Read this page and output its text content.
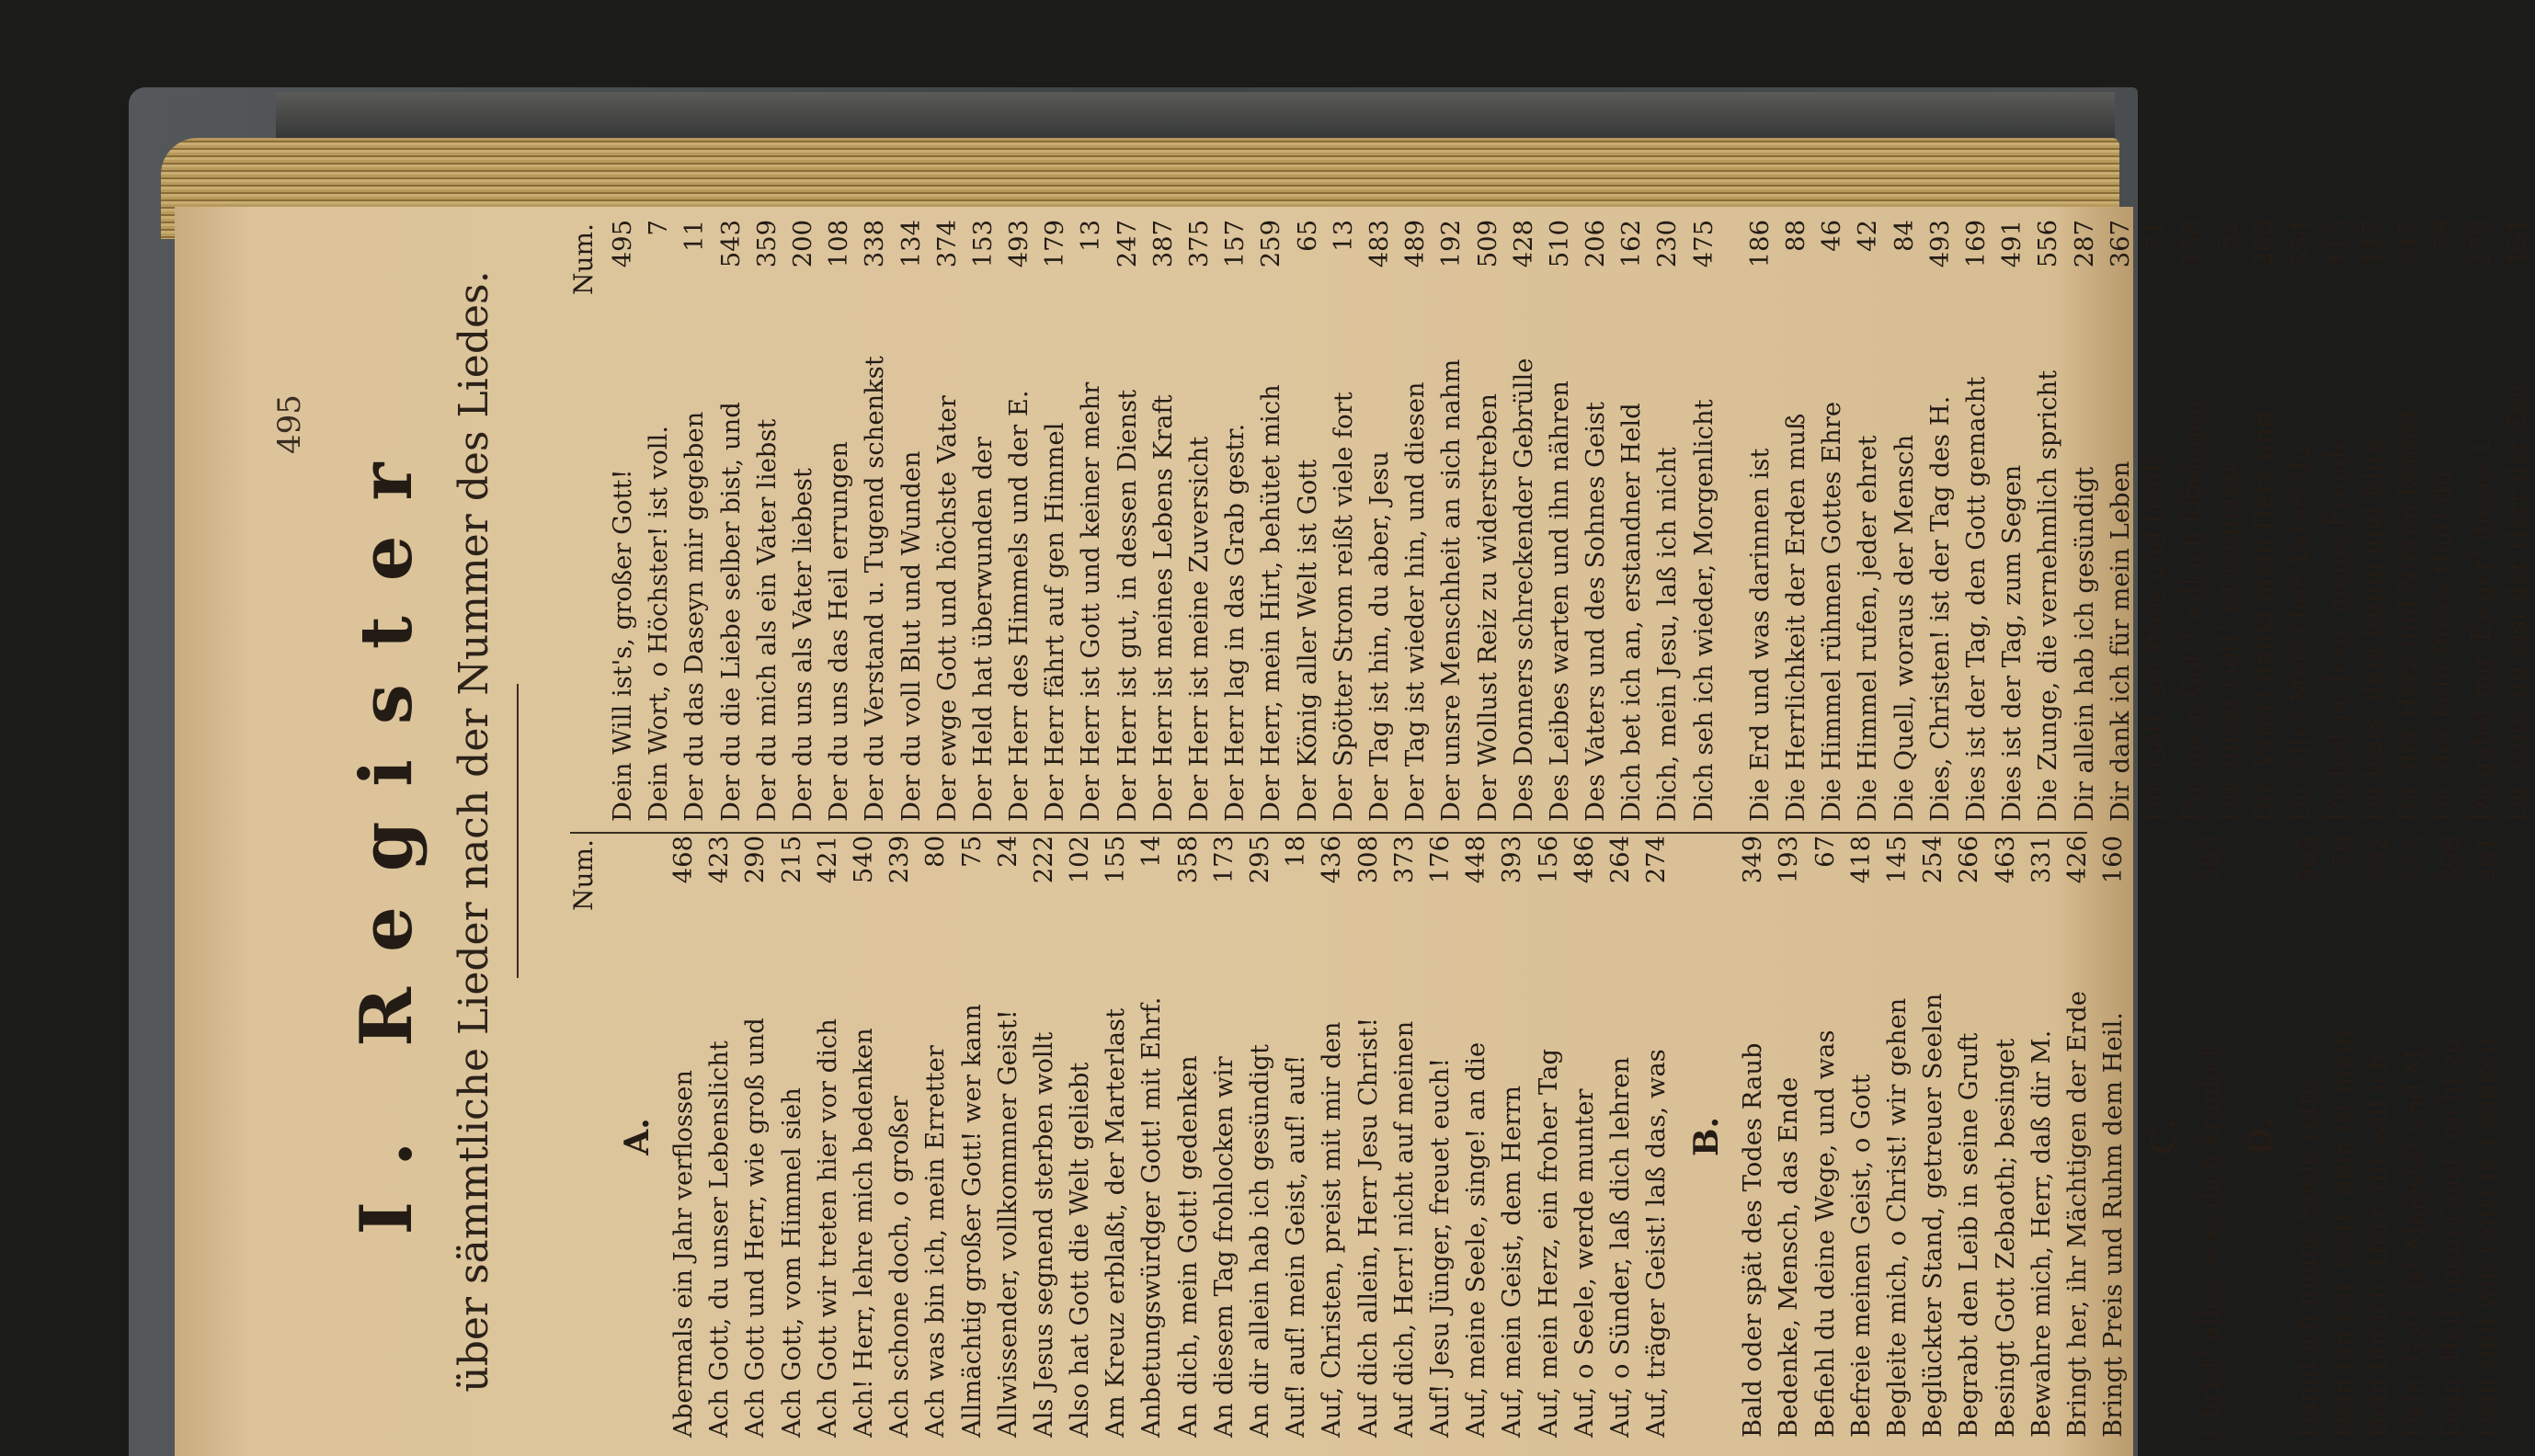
495
I. Register über sämmtliche Lieder nach der Nummer des Liedes.	Num.
A. Abermals ein Jahr verflossen
468
Ach Gott, du unser Lebenslicht
423
Ach Gott und Herr, wie groß und
290
Ach Gott, vom Himmel sieh
215
Ach Gott wir treten hier vor dich
421
Ach! Herr, lehre mich bedenken
540
Ach schone doch, o großer
239
Ach was bin ich, mein Erretter
80
Allmächtig großer Gott! wer kann
75
Allwissender, vollkommner Geist!
24
Als Jesus segnend sterben wollt
222
Also hat Gott die Welt geliebt
102
Am Kreuz erblaßt, der Marterlast
155
Anbetungswürdger Gott! mit Ehrf.
14
An dich, mein Gott! gedenken
358
An diesem Tag frohlocken wir
173
An dir allein hab ich gesündigt
295
Auf! auf! mein Geist, auf! auf!
18
Auf, Christen, preist mit mir den
436
Auf dich allein, Herr Jesu Christ!
308
Auf dich, Herr! nicht auf meinen
373
Auf! Jesu Jünger, freuet euch!
176
Auf, meine Seele, singe! an die
448
Auf, mein Geist, dem Herrn
393
Auf, mein Herz, ein froher Tag
156
Auf, o Seele, werde munter
486
Auf, o Sünder, laß dich lehren
264
Auf, träger Geist! laß das, was
274
B. Bald oder spät des Todes Raub
349
Bedenke, Mensch, das Ende
193
Befiehl du deine Wege, und was
67
Befreie meinen Geist, o Gott
418
Begleite mich, o Christ! wir gehen
145
Beglückter Stand, getreuer Seelen
254
Begrabt den Leib in seine Gruft
266
Besingt Gott Zebaoth; besinget
463
Bewahre mich, Herr, daß dir M.
331
Bringt her, ihr Mächtigen der Erde
426
Bringt Preis und Ruhm dem Heil.
160
C. Christ! alles, was dich kränket
383
D. Damit ich meine Seele rette
505
Dein bin ich, Gott; dein ist mein
70
Dein bin ich, Herr; dir will ich
332
Dein, Gott, ist Majestät und M.
333
Dein, Heil, mein Geist, nicht zu
398
Dein sind wir, Gott! in Ewigkeit
261
Num.
Dein Will ist's, großer Gott!
495
Dein Wort, o Höchster! ist voll.
7
Der du das Daseyn mir gegeben
11
Der du die Liebe selber bist, und
543
Der du mich als ein Vater liebst
359
Der du uns als Vater liebest
200
Der du uns das Heil errungen
108
Der du Verstand u. Tugend schenkst
338
Der du voll Blut und Wunden
134
Der ewge Gott und höchste Vater
374
Der Held hat überwunden der
153
Der Herr des Himmels und der E.
493
Der Herr fährt auf gen Himmel
179
Der Herr ist Gott und keiner mehr
13
Der Herr ist gut, in dessen Dienst
247
Der Herr ist meines Lebens Kraft
387
Der Herr ist meine Zuversicht
375
Der Herr lag in das Grab gestr.
157
Der Herr, mein Hirt, behütet mich
259
Der König aller Welt ist Gott
65
Der Spötter Strom reißt viele fort
13
Der Tag ist hin, du aber, Jesu
483
Der Tag ist wieder hin, und diesen
489
Der unsre Menschheit an sich nahm
192
Der Wollust Reiz zu widerstreben
509
Des Donners schreckender Gebrülle
428
Des Leibes warten und ihn nähren
510
Des Vaters und des Sohnes Geist
206
Dich bet ich an, erstandner Held
162
Dich, mein Jesu, laß ich nicht
230
Dich seh ich wieder, Morgenlicht
475
Die Erd und was darinnen ist
186
Die Herrlichkeit der Erden muß
88
Die Himmel rühmen Gottes Ehre
46
Die Himmel rufen, jeder ehret
42
Die Quell, woraus der Mensch
84
Dies, Christen! ist der Tag des H.
493
Dies ist der Tag, den Gott gemacht
169
Dies ist der Tag, zum Segen
491
Die Zunge, die vernehmlich spricht
556
Dir allein hab ich gesündigt
287
Dir dank ich für mein Leben
367
Dir, Gott, sei Preis und Dank
71
Dir, mein Gott! will ich lobsingen
438
Dir, unser Gott! ist niemand
52
Dir, Vater! dankt mein Herz und
263
Du, aller Menschen Vater! du
554
Du bist ja, Jesu, meine Freude
416
Du bists, dem Ruhm und Ehre
447
Du, der Herz und Nieren kennet
347
Du, der kein Böses thut! du
78
Du gabst mir, Ewger! dieses L.
279
Du, Gott, du bist der Herr der Zeit
464
